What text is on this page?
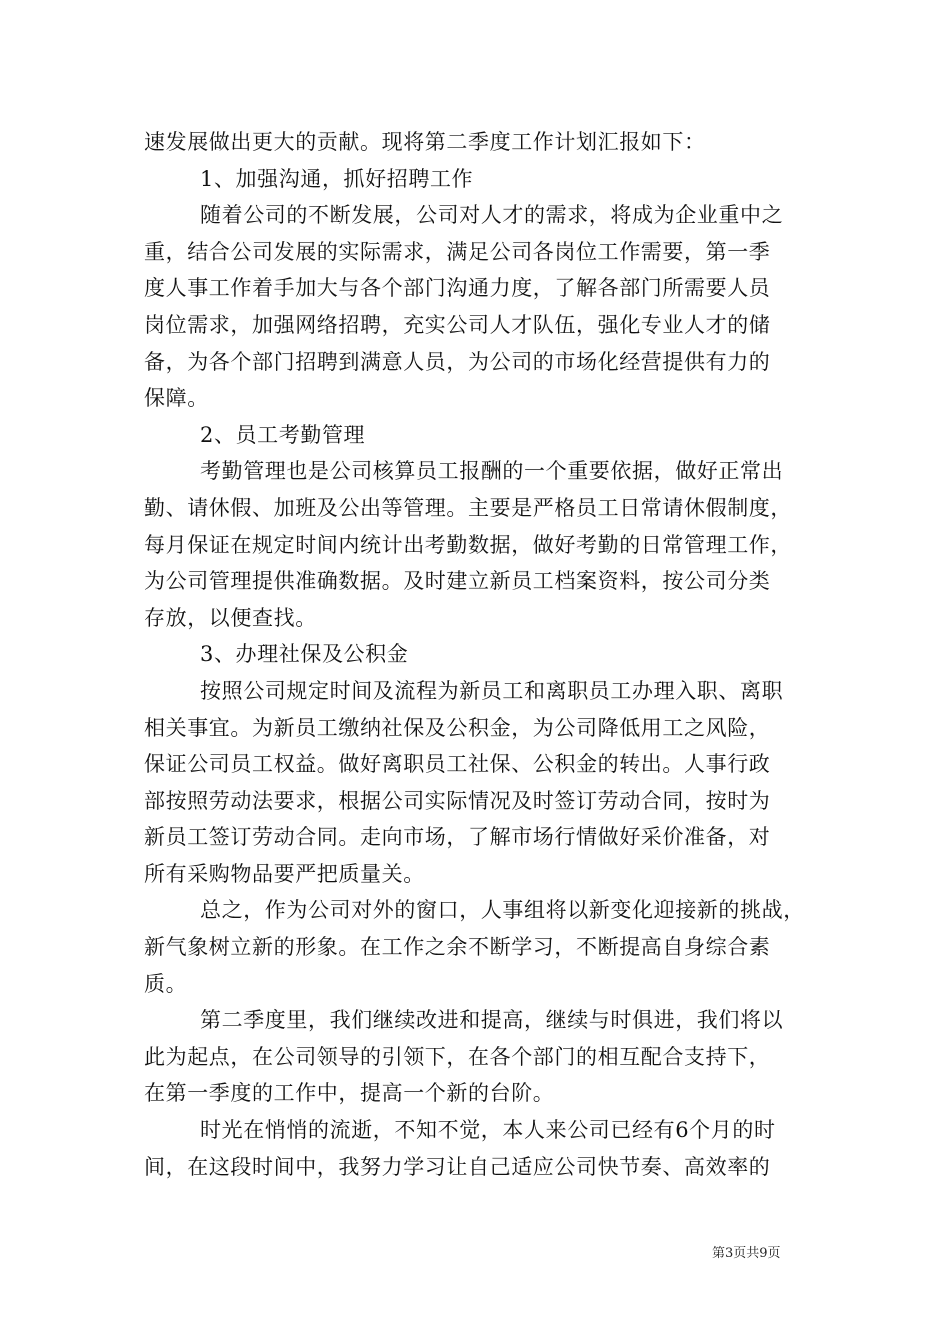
速发展做出更大的贡献。现将第二季度工作计划汇报如下：
1、加强沟通，抓好招聘工作
随着公司的不断发展，公司对人才的需求，将成为企业重中之
重，结合公司发展的实际需求，满足公司各岗位工作需要，第一季
度人事工作着手加大与各个部门沟通力度，了解各部门所需要人员
岗位需求，加强网络招聘，充实公司人才队伍，强化专业人才的储
备，为各个部门招聘到满意人员，为公司的市场化经营提供有力的
保障。
2、员工考勤管理
考勤管理也是公司核算员工报酬的一个重要依据，做好正常出
勤、请休假、加班及公出等管理。主要是严格员工日常请休假制度，
每月保证在规定时间内统计出考勤数据，做好考勤的日常管理工作，
为公司管理提供准确数据。及时建立新员工档案资料，按公司分类
存放，以便查找。
3、办理社保及公积金
按照公司规定时间及流程为新员工和离职员工办理入职、离职
相关事宜。为新员工缴纳社保及公积金，为公司降低用工之风险，
保证公司员工权益。做好离职员工社保、公积金的转出。人事行政
部按照劳动法要求，根据公司实际情况及时签订劳动合同，按时为
新员工签订劳动合同。走向市场，了解市场行情做好采价准备，对
所有采购物品要严把质量关。
总之，作为公司对外的窗口，人事组将以新变化迎接新的挑战，
新气象树立新的形象。在工作之余不断学习，不断提高自身综合素
质。
第二季度里，我们继续改进和提高，继续与时俱进，我们将以
此为起点，在公司领导的引领下，在各个部门的相互配合支持下，
在第一季度的工作中，提高一个新的台阶。
时光在悄悄的流逝，不知不觉，本人来公司已经有6个月的时
间，在这段时间中，我努力学习让自己适应公司快节奏、高效率的
第3页共9页
